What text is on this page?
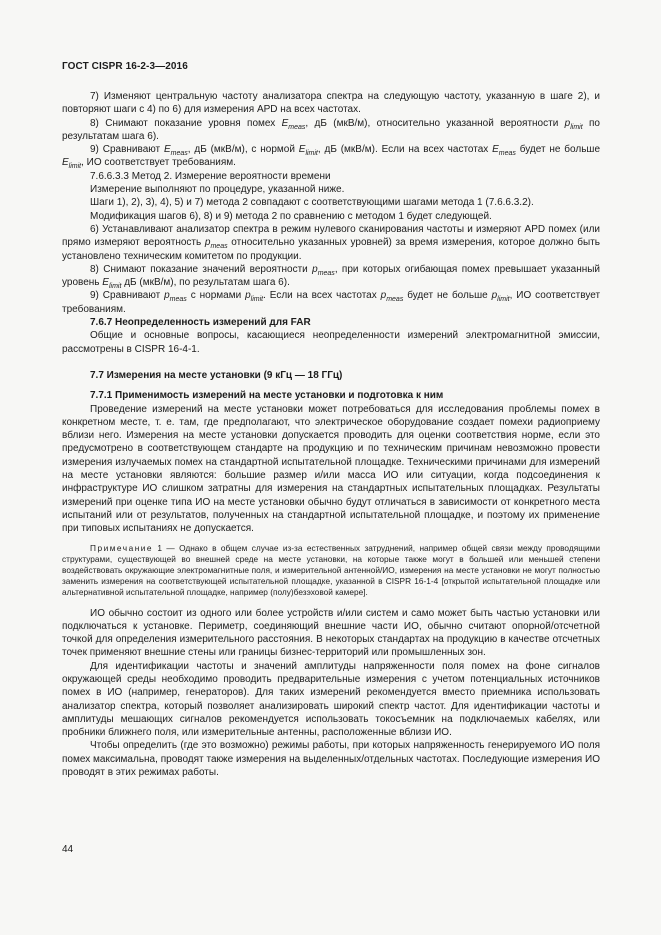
ГОСТ CISPR 16-2-3—2016

7) Изменяют центральную частоту анализатора спектра на следующую частоту, указанную в шаге 2), и повторяют шаги с 4) по 6) для измерения APD на всех частотах.

8) Снимают показание уровня помех $E_{meas}$, дБ (мкВ/м), относительно указанной вероятности $p_{limit}$ по результатам шага 6).

9) Сравнивают $E_{meas}$, дБ (мкВ/м), с нормой $E_{limit}$, дБ (мкВ/м). Если на всех частотах $E_{meas}$ будет не больше $E_{limit}$, ИО соответствует требованиям.

7.6.6.3.3 Метод 2. Измерение вероятности времени

Измерение выполняют по процедуре, указанной ниже.

Шаги 1), 2), 3), 4), 5) и 7) метода 2 совпадают с соответствующими шагами метода 1 (7.6.6.3.2).

Модификация шагов 6), 8) и 9) метода 2 по сравнению с методом 1 будет следующей.

6) Устанавливают анализатор спектра в режим нулевого сканирования частоты и измеряют APD помех (или прямо измеряют вероятность $p_{meas}$ относительно указанных уровней) за время измерения, которое должно быть установлено техническим комитетом по продукции.

8) Снимают показание значений вероятности $p_{meas}$, при которых огибающая помех превышает указанный уровень $E_{limit}$ дБ (мкВ/м), по результатам шага 6).

9) Сравнивают $p_{meas}$ с нормами $p_{limit}$. Если на всех частотах $p_{meas}$ будет не больше $p_{limit}$, ИО соответствует требованиям.

7.6.7 Неопределенность измерений для FAR

Общие и основные вопросы, касающиеся неопределенности измерений электромагнитной эмиссии, рассмотрены в CISPR 16-4-1.

7.7 Измерения на месте установки (9 кГц — 18 ГГц)

7.7.1 Применимость измерений на месте установки и подготовка к ним

Проведение измерений на месте установки может потребоваться для исследования проблемы помех в конкретном месте, т. е. там, где предполагают, что электрическое оборудование создает помехи радиоприему вблизи него. Измерения на месте установки допускается проводить для оценки соответствия норме, если это предусмотрено в соответствующем стандарте на продукцию и по техническим причинам невозможно провести измерения излучаемых помех на стандартной испытательной площадке. Техническими причинами для измерений на месте установки являются: большие размер и/или масса ИО или ситуации, когда подсоединения к инфраструктуре ИО слишком затратны для измерения на стандартных испытательных площадках. Результаты измерений при оценке типа ИО на месте установки обычно будут отличаться в зависимости от конкретного места испытаний или от результатов, полученных на стандартной испытательной площадке, и поэтому их применение при типовых испытаниях не допускается.

Примечание 1 — Однако в общем случае из-за естественных затруднений, например общей связи между проводящими структурами, существующей во внешней среде на месте установки, на которые также могут в большей или меньшей степени воздействовать окружающие электромагнитные поля, и измерительной антенной/ИО, измерения на месте установки не могут полностью заменить измерения на соответствующей испытательной площадке, указанной в CISPR 16-1-4 [открытой испытательной площадке или альтернативной испытательной площадке, например (полу)безэховой камере].

ИО обычно состоит из одного или более устройств и/или систем и само может быть частью установки или подключаться к установке. Периметр, соединяющий внешние части ИО, обычно считают опорной/отсчетной точкой для определения измерительного расстояния. В некоторых стандартах на продукцию в качестве отсчетных точек применяют внешние стены или границы бизнес-территорий или промышленных зон.

Для идентификации частоты и значений амплитуды напряженности поля помех на фоне сигналов окружающей среды необходимо проводить предварительные измерения с учетом потенциальных источников помех в ИО (например, генераторов). Для таких измерений рекомендуется вместо приемника использовать анализатор спектра, который позволяет анализировать широкий спектр частот. Для идентификации частоты и амплитуды мешающих сигналов рекомендуется использовать токосъемник на подключаемых кабелях, или пробники ближнего поля, или измерительные антенны, расположенные вблизи ИО.

Чтобы определить (где это возможно) режимы работы, при которых напряженность генерируемого ИО поля помех максимальна, проводят также измерения на выделенных/отдельных частотах. Последующие измерения ИО проводят в этих режимах работы.

44
